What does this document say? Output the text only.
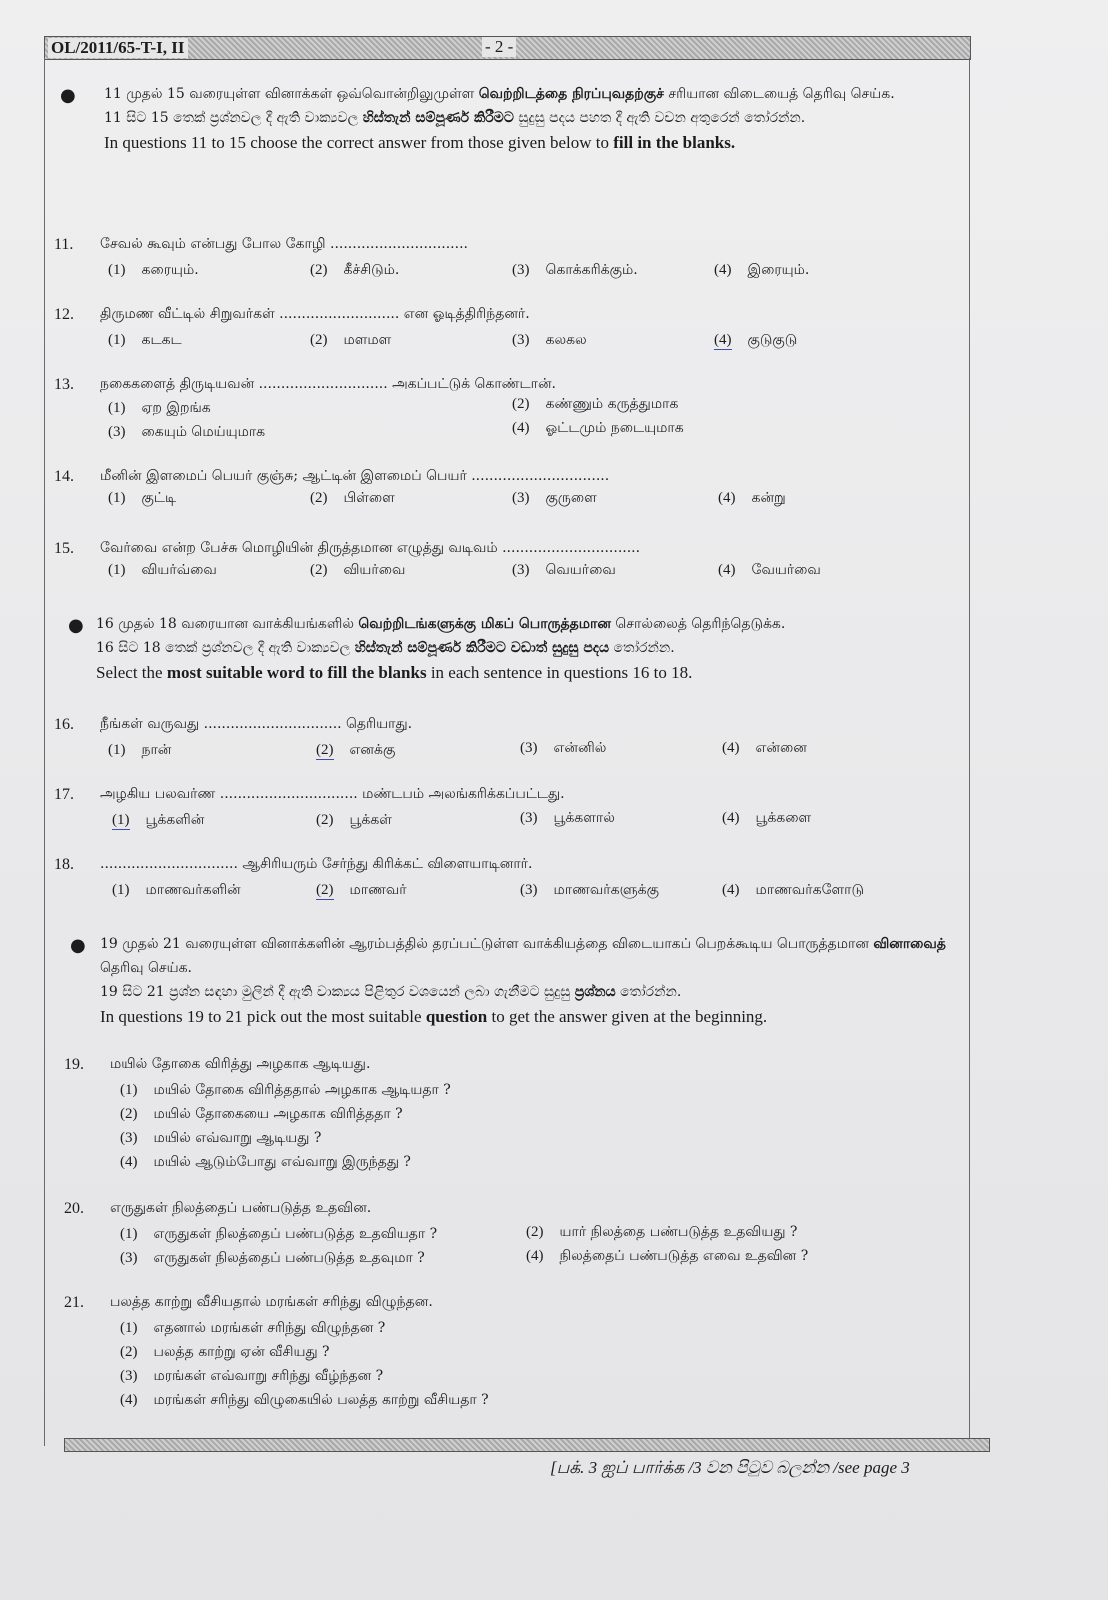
OL/2011/65-T-I, II	- 2 -
● 11 முதல் 15 வரையுள்ள வினாக்கள் ஒவ்வொன்றிலுமுள்ள வெற்றிடத்தை நிரப்புவதற்குச் சரியான விடையைத் தெரிவு செய்க.
11 සිට 15 තෙක් ප්‍රශ්නවල දී ඇති වාක්‍යවල හිස්තැන් සම්පූර්ණ කිරීමට සුදුසු පදය පහත දී ඇති වචන අතුරෙන් තෝරන්න.
In questions 11 to 15 choose the correct answer from those given below to fill in the blanks.
11. சேவல் கூவும் என்பது போல கோழி ...............................
(1) கரையும்.	(2) கீச்சிடும்.	(3) கொக்கரிக்கும்.	(4) இரையும்.
12. திருமண வீட்டில் சிறுவர்கள் ........................... என ஓடித்திரிந்தனர்.
(1) கடகட	(2) மளமள	(3) கலகல	(4) குடுகுடு
13. நகைகளைத் திருடியவன் ............................. அகப்பட்டுக் கொண்டான்.
(1) ஏற இறங்க	(2) கண்ணும் கருத்துமாக
(3) கையும் மெய்யுமாக	(4) ஓட்டமும் நடையுமாக
14. மீனின் இளமைப் பெயர் குஞ்சு; ஆட்டின் இளமைப் பெயர் ...............................
(1) குட்டி	(2) பிள்ளை	(3) குருளை	(4) கன்று
15. வேர்வை என்ற பேச்சு மொழியின் திருத்தமான எழுத்து வடிவம் ...............................
(1) வியர்வ்வை	(2) வியர்வை	(3) வெயர்வை	(4) வேயர்வை
● 16 முதல் 18 வரையான வாக்கியங்களில் வெற்றிடங்களுக்கு மிகப் பொருத்தமான சொல்லைத் தெரிந்தெடுக்க.
16 සිට 18 තෙක් ප්‍රශ්නවල දී ඇති වාක්‍යවල හිස්තැන් සම්පූර්ණ කිරීමට වඩාත් සුදුසු පදය තෝරන්න.
Select the most suitable word to fill the blanks in each sentence in questions 16 to 18.
16. நீங்கள் வருவது ............................... தெரியாது.
(1) நான்	(2) எனக்கு	(3) என்னில்	(4) என்னை
17. அழகிய பலவர்ண ............................... மண்டபம் அலங்கரிக்கப்பட்டது.
(1) பூக்களின்	(2) பூக்கள்	(3) பூக்களால்	(4) பூக்களை
18. ............................... ஆசிரியரும் சேர்ந்து கிரிக்கட் விளையாடினார்.
(1) மாணவர்களின்	(2) மாணவர்	(3) மாணவர்களுக்கு	(4) மாணவர்களோடு
● 19 முதல் 21 வரையுள்ள வினாக்களின் ஆரம்பத்தில் தரப்பட்டுள்ள வாக்கியத்தை விடையாகப் பெறக்கூடிய பொருத்தமான வினாவைத் தெரிவு செய்க.
19 සිට 21 ප්‍රශ්න සඳහා මුලින් දී ඇති වාක්‍යය පිළිතුර වශයෙන් ලබා ගැනීමට සුදුසු ප්‍රශ්නය තෝරන්න.
In questions 19 to 21 pick out the most suitable question to get the answer given at the beginning.
19. மயில் தோகை விரித்து அழகாக ஆடியது.
(1) மயில் தோகை விரித்ததால் அழகாக ஆடியதா ?
(2) மயில் தோகையை அழகாக விரித்ததா ?
(3) மயில் எவ்வாறு ஆடியது ?
(4) மயில் ஆடும்போது எவ்வாறு இருந்தது ?
20. எருதுகள் நிலத்தைப் பண்படுத்த உதவின.
(1) எருதுகள் நிலத்தைப் பண்படுத்த உதவியதா ?	(2) யார் நிலத்தை பண்படுத்த உதவியது ?
(3) எருதுகள் நிலத்தைப் பண்படுத்த உதவுமா ?	(4) நிலத்தைப் பண்படுத்த எவை உதவின ?
21. பலத்த காற்று வீசியதால் மரங்கள் சரிந்து விழுந்தன.
(1) எதனால் மரங்கள் சரிந்து விழுந்தன ?
(2) பலத்த காற்று ஏன் வீசியது ?
(3) மரங்கள் எவ்வாறு சரிந்து வீழ்ந்தன ?
(4) மரங்கள் சரிந்து விழுகையில் பலத்த காற்று வீசியதா ?
[பக். 3 ஐப் பார்க்க /3 වන පිටුව බලන්න /see page 3
